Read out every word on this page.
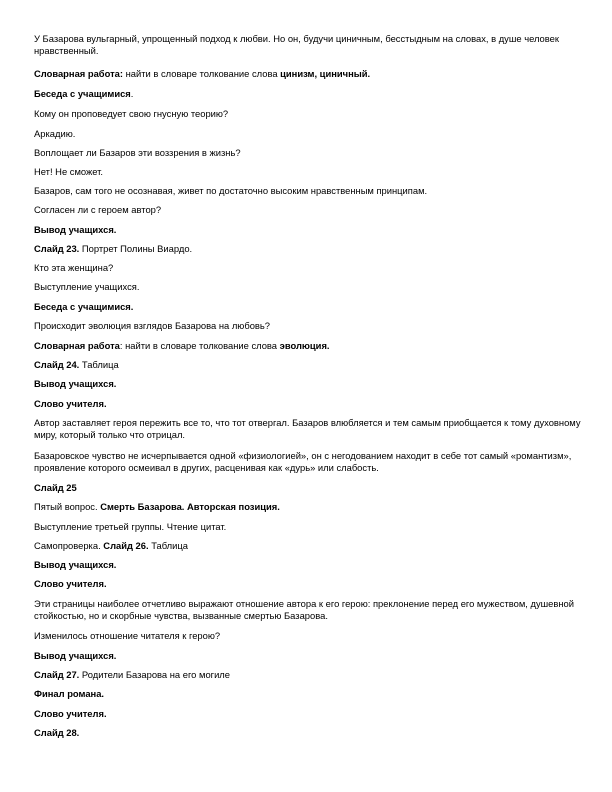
У Базарова вульгарный, упрощенный подход к любви. Но он, будучи циничным, бесстыдным на словах, в душе человек нравственный.

Словарная работа: найти в словаре толкование слова цинизм, циничный.

Беседа с учащимися.

Кому он проповедует свою гнусную теорию?

Аркадию.

Воплощает ли Базаров эти воззрения в жизнь?

Нет! Не сможет.

Базаров, сам того не осознавая, живет по достаточно высоким нравственным принципам.

Согласен ли с героем автор?

Вывод учащихся.

Слайд 23. Портрет Полины Виардо.

Кто эта женщина?

Выступление учащихся.

Беседа с учащимися.

Происходит эволюция взглядов Базарова на любовь?

Словарная работа: найти в словаре толкование слова эволюция.

Слайд 24. Таблица

Вывод учащихся.

Слово учителя.

Автор заставляет героя пережить все то, что тот отвергал. Базаров влюбляется и тем самым приобщается к тому духовному миру, который только что отрицал.

Базаровское чувство не исчерпывается одной «физиологией», он с негодованием находит в себе тот самый «романтизм», проявление которого осмеивал в других, расценивая как «дурь» или слабость.

Слайд 25

Пятый вопрос. Смерть Базарова. Авторская позиция.

Выступление третьей группы. Чтение цитат.

Самопроверка. Слайд 26. Таблица

Вывод учащихся.

Слово учителя.

Эти страницы наиболее отчетливо выражают отношение автора к его герою: преклонение перед его мужеством, душевной стойкостью, но и скорбные чувства, вызванные смертью Базарова.

Изменилось отношение читателя к герою?

Вывод учащихся.

Слайд 27. Родители Базарова на его могиле

Финал романа.

Слово учителя.

Слайд 28.
